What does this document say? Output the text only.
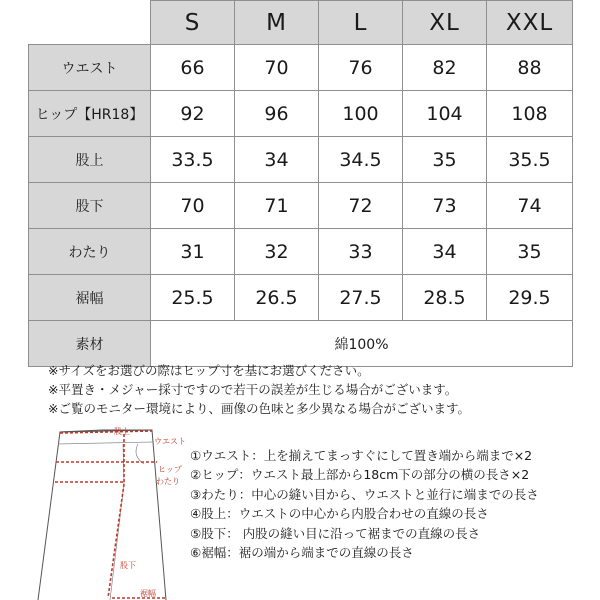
	S	M	L	XL	XXL
ウエスト	66	70	76	82	88
ヒップ【HR18】	92	96	100	104	108
股上	33.5	34	34.5	35	35.5
股下	70	71	72	73	74
わたり	31	32	33	34	35
裾幅	25.5	26.5	27.5	28.5	29.5
素材	綿100%				
※サイズをお選びの際はヒップ寸を基にお選びください。
※平置き・メジャー採寸ですので若干の誤差が生じる場合がございます。
※ご覧のモニター環境により、画像の色味と多少異なる場合がございます。
股上
ウエスト
ヒップ
わたり
股下
裾幅
①ウエスト：上を揃えてまっすぐにして置き端から端まで×2
②ヒップ：ウエスト最上部から18cm下の部分の横の長さ×2
③わたり：中心の縫い目から、ウエストと並行に端までの長さ
④股上：ウエストの中心から内股合わせの直線の長さ
⑤股下： 内股の縫い目に沿って裾までの直線の長さ
⑥裾幅：裾の端から端までの直線の長さ
